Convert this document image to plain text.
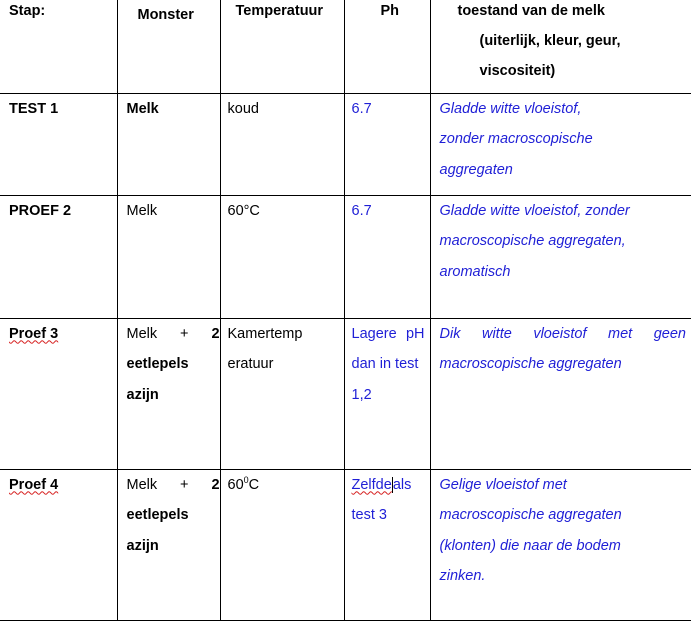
Stap:	Monster	Temperatuur	Ph	toestand van de melk
(uiterlijk, kleur, geur,
viscositeit)

TEST 1	Melk	koud	6.7	Gladde witte vloeistof,
zonder macroscopische
aggregaten

PROEF 2	Melk	60°C	6.7	Gladde witte vloeistof, zonder
macroscopische aggregaten,
aromatisch

Proef 3	Melk + 2
eetlepels
azijn	Kamertemp
eratuur	Lagere pH
dan in test
1,2	Dik witte vloeistof met geen
macroscopische aggregaten

Proef 4	Melk + 2
eetlepels
azijn	$60^0C$	Zelfdeals
test 3	Gelige vloeistof met
macroscopische aggregaten
(klonten) die naar de bodem
zinken.
